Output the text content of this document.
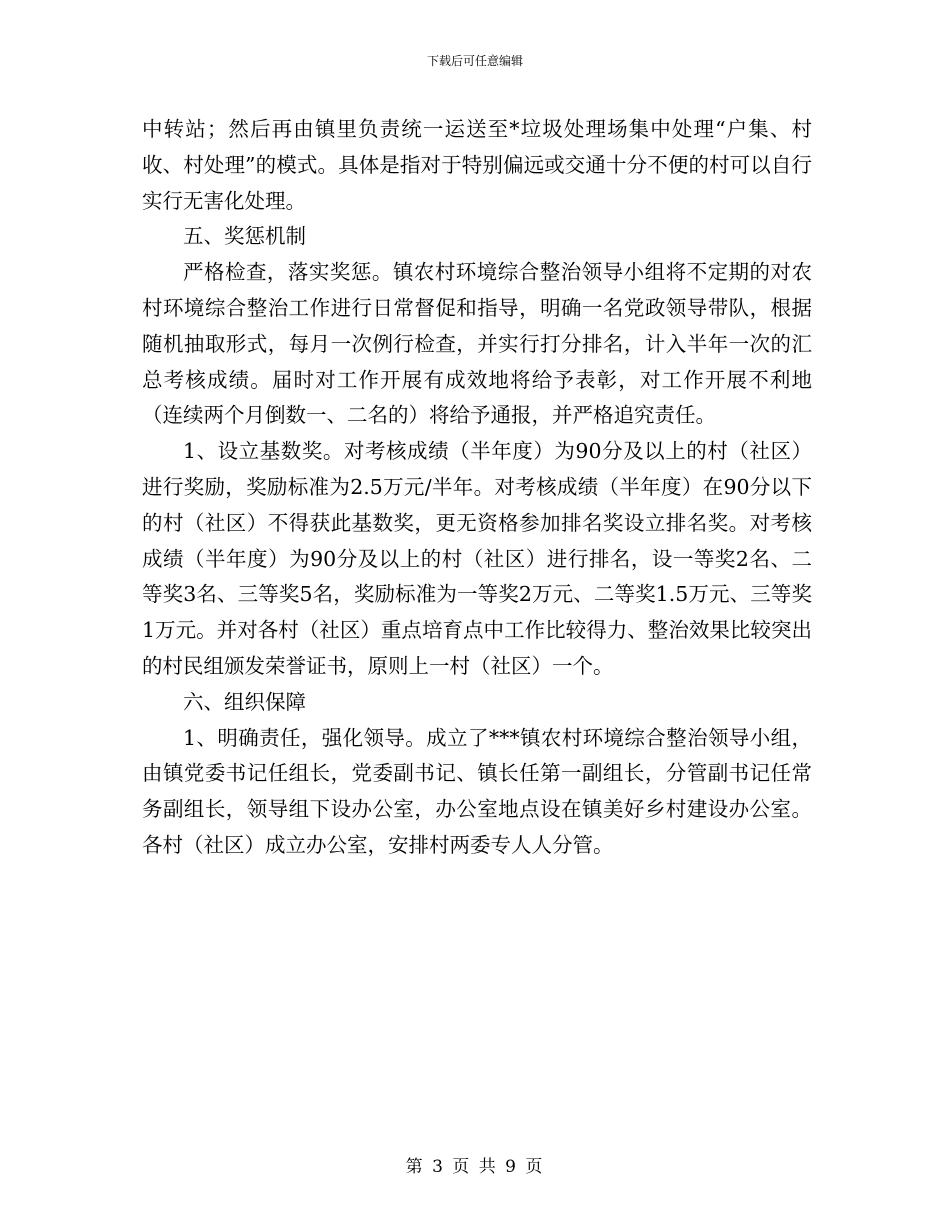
下载后可任意编辑

中转站；然后再由镇里负责统一运送至*垃圾处理场集中处理“户集、村收、村处理”的模式。具体是指对于特别偏远或交通十分不便的村可以自行实行无害化处理。

五、奖惩机制

严格检查，落实奖惩。镇农村环境综合整治领导小组将不定期的对农村环境综合整治工作进行日常督促和指导，明确一名党政领导带队，根据随机抽取形式，每月一次例行检查，并实行打分排名，计入半年一次的汇总考核成绩。届时对工作开展有成效地将给予表彰，对工作开展不利地（连续两个月倒数一、二名的）将给予通报，并严格追究责任。

1、设立基数奖。对考核成绩（半年度）为90分及以上的村（社区）进行奖励，奖励标准为2.5万元/半年。对考核成绩（半年度）在90分以下的村（社区）不得获此基数奖，更无资格参加排名奖设立排名奖。对考核成绩（半年度）为90分及以上的村（社区）进行排名，设一等奖2名、二等奖3名、三等奖5名，奖励标准为一等奖2万元、二等奖1.5万元、三等奖1万元。并对各村（社区）重点培育点中工作比较得力、整治效果比较突出的村民组颁发荣誉证书，原则上一村（社区）一个。

六、组织保障

1、明确责任，强化领导。成立了***镇农村环境综合整治领导小组，由镇党委书记任组长，党委副书记、镇长任第一副组长，分管副书记任常务副组长，领导组下设办公室，办公室地点设在镇美好乡村建设办公室。各村（社区）成立办公室，安排村两委专人人分管。

第 3 页 共 9 页
